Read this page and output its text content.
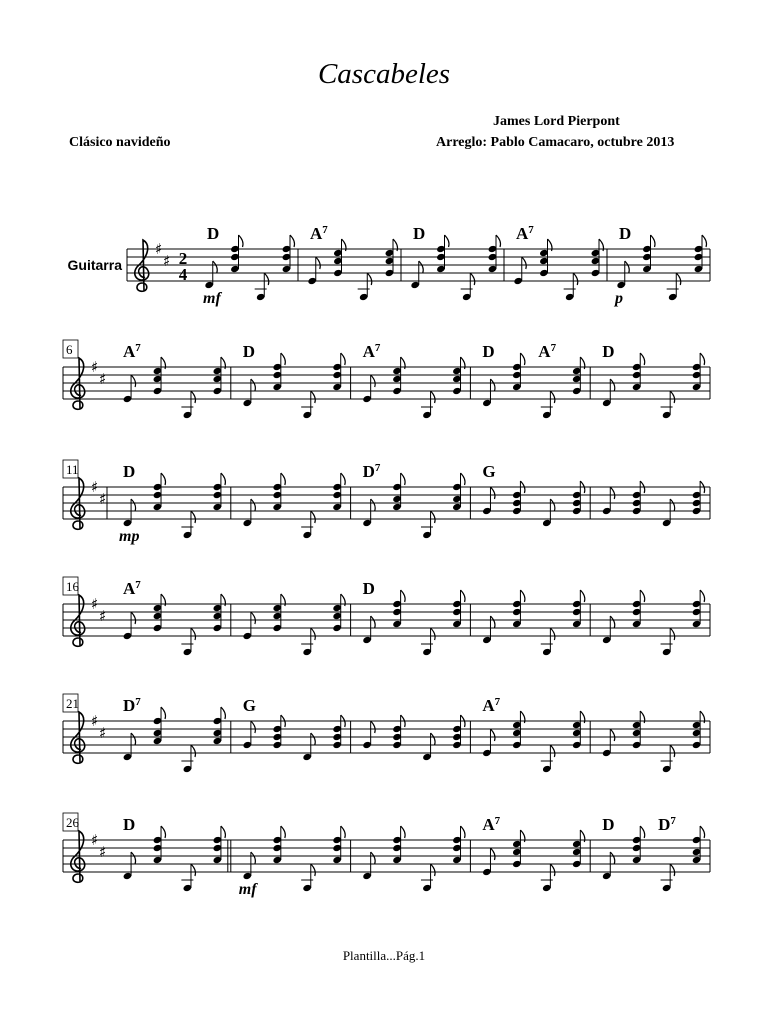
Cascabeles
James Lord Pierpont
Arreglo: Pablo Camacaro, octubre 2013
Clásico navideño
Guitarra
♯
♯ 2
4
D
mf
$A^7$	D	$A^7$	D
p
6
♯
♯
$A^7$	D	$A^7$	D	$A^7$	D
11
♯
♯
D
mp
$D^7$	G
16
♯
♯
$A^7$	D
21
♯
♯
$D^7$	G	$A^7$
26
♯
♯
D
mf
$A^7$	D	$D^7$
Plantilla...Pág.1
